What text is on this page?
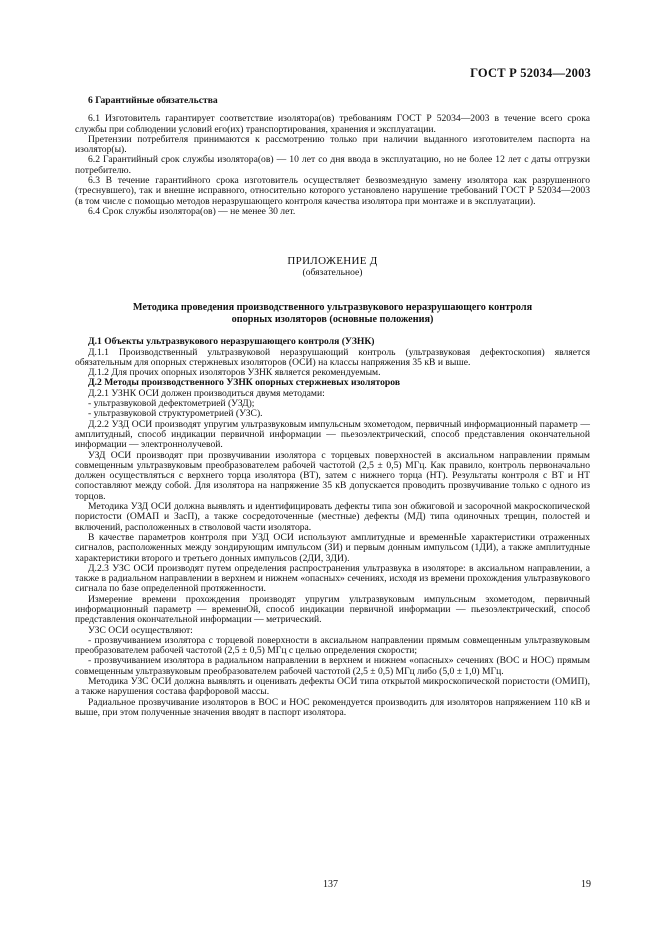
ГОСТ Р 52034—2003

6 Гарантийные обязательства

6.1 Изготовитель гарантирует соответствие изолятора(ов) требованиям ГОСТ Р 52034—2003 в течение всего срока службы при соблюдении условий его(их) транспортирования, хранения и эксплуатации.

Претензии потребителя принимаются к рассмотрению только при наличии выданного изготовителем паспорта на изолятор(ы).

6.2 Гарантийный срок службы изолятора(ов) — 10 лет со дня ввода в эксплуатацию, но не более 12 лет с даты отгрузки потребителю.

6.3 В течение гарантийного срока изготовитель осуществляет безвозмездную замену изолятора как разрушенного (треснувшего), так и внешне исправного, относительно которого установлено нарушение требований ГОСТ Р 52034—2003 (в том числе с помощью методов неразрушающего контроля качества изолятора при монтаже и в эксплуатации).

6.4 Срок службы изолятора(ов) — не менее 30 лет.

ПРИЛОЖЕНИЕ Д

(обязательное)

Методика проведения производственного ультразвукового неразрушающего контроля опорных изоляторов (основные положения)

Д.1 Объекты ультразвукового неразрушающего контроля (УЗНК)

Д.1.1 Производственный ультразвуковой неразрушающий контроль (ультразвуковая дефектоскопия) является обязательным для опорных стержневых изоляторов (ОСИ) на классы напряжения 35 кВ и выше.

Д.1.2 Для прочих опорных изоляторов УЗНК является рекомендуемым.

Д.2 Методы производственного УЗНК опорных стержневых изоляторов

Д.2.1 УЗНК ОСИ должен производиться двумя методами:

- ультразвуковой дефектометрией (УЗД);

- ультразвуковой структурометрией (УЗС).

Д.2.2 УЗД ОСИ производят упругим ультразвуковым импульсным эхометодом, первичный информационный параметр — амплитудный, способ индикации первичной информации — пьезоэлектрический, способ представления окончательной информации — электроннолучевой.

УЗД ОСИ производят при прозвучивании изолятора с торцевых поверхностей в аксиальном направлении прямым совмещенным ультразвуковым преобразователем рабочей частотой (2,5 ± 0,5) МГц. Как правило, контроль первоначально должен осуществляться с верхнего торца изолятора (ВТ), затем с нижнего торца (НТ). Результаты контроля с ВТ и НТ сопоставляют между собой. Для изолятора на напряжение 35 кВ допускается проводить прозвучивание только с одного из торцов.

Методика УЗД ОСИ должна выявлять и идентифицировать дефекты типа зон обжиговой и засорочной макроскопической пористости (ОМАП и ЗасП), а также сосредоточенные (местные) дефекты (МД) типа одиночных трещин, полостей и включений, расположенных в стволовой части изолятора.

В качестве параметров контроля при УЗД ОСИ используют амплитудные и временнЫе характеристики отраженных сигналов, расположенных между зондирующим импульсом (ЗИ) и первым донным импульсом (1ДИ), а также амплитудные характеристики второго и третьего донных импульсов (2ДИ, 3ДИ).

Д.2.3 УЗС ОСИ производят путем определения распространения ультразвука в изоляторе: в аксиальном направлении, а также в радиальном направлении в верхнем и нижнем «опасных» сечениях, исходя из времени прохождения ультразвукового сигнала по базе определенной протяженности.

Измерение времени прохождения производят упругим ультразвуковым импульсным эхометодом, первичный информационный параметр — временнОй, способ индикации первичной информации — пьезоэлектрический, способ представления окончательной информации — метрический.

УЗС ОСИ осуществляют:

- прозвучиванием изолятора с торцевой поверхности в аксиальном направлении прямым совмещенным ультразвуковым преобразователем рабочей частотой (2,5 ± 0,5) МГц с целью определения скорости;

- прозвучиванием изолятора в радиальном направлении в верхнем и нижнем «опасных» сечениях (ВОС и НОС) прямым совмещенным ультразвуковым преобразователем рабочей частотой (2,5 ± 0,5) МГц либо (5,0 ± 1,0) МГц.

Методика УЗС ОСИ должна выявлять и оценивать дефекты ОСИ типа открытой микроскопической пористости (ОМИП), а также нарушения состава фарфоровой массы.

Радиальное прозвучивание изоляторов в ВОС и НОС рекомендуется производить для изоляторов напряжением 110 кВ и выше, при этом полученные значения вводят в паспорт изолятора.

137	19
